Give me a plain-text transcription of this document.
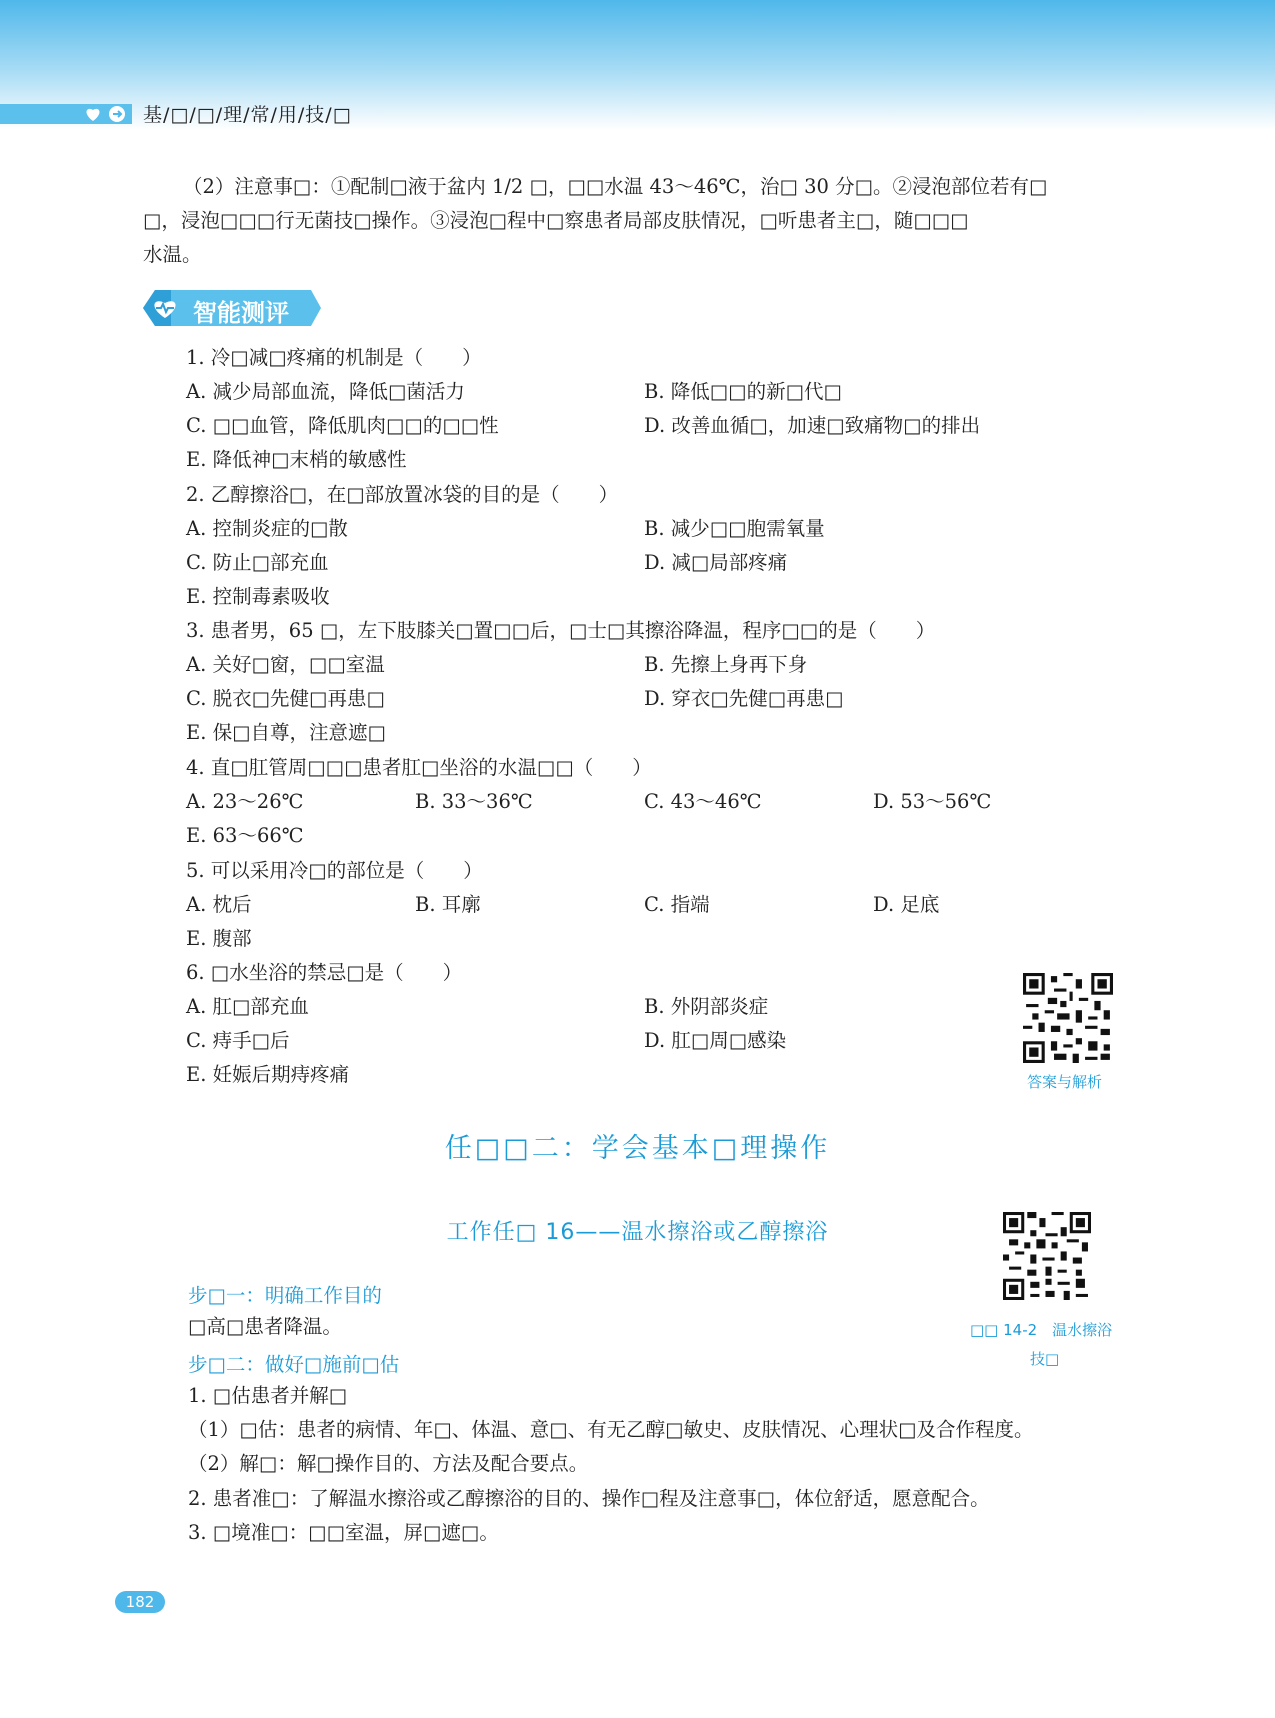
基/□/□/理/常/用/技/□
（2）注意事□：①配制□液于盆内 1/2 □，□□水温 43～46℃，治□ 30 分□。②浸泡部位若有□
□，浸泡□□□行无菌技□操作。③浸泡□程中□察患者局部皮肤情况，□听患者主□，随□□□
水温。
智能测评
1. 冷□减□疼痛的机制是（　　）
A. 减少局部血流，降低□菌活力	B. 降低□□的新□代□
C. □□血管，降低肌肉□□的□□性	D. 改善血循□，加速□致痛物□的排出
E. 降低神□末梢的敏感性
2. 乙醇擦浴□，在□部放置冰袋的目的是（　　）
A. 控制炎症的□散	B. 减少□□胞需氧量
C. 防止□部充血	D. 减□局部疼痛
E. 控制毒素吸收
3. 患者男，65 □，左下肢膝关□置□□后，□士□其擦浴降温，程序□□的是（　　）
A. 关好□窗，□□室温	B. 先擦上身再下身
C. 脱衣□先健□再患□	D. 穿衣□先健□再患□
E. 保□自尊，注意遮□
4. 直□肛管周□□□患者肛□坐浴的水温□□（　　）
A. 23～26℃	B. 33～36℃	C. 43～46℃	D. 53～56℃
E. 63～66℃
5. 可以采用冷□的部位是（　　）
A. 枕后	B. 耳廓	C. 指端	D. 足底
E. 腹部
6. □水坐浴的禁忌□是（　　）
A. 肛□部充血	B. 外阴部炎症
C. 痔手□后	D. 肛□周□感染
E. 妊娠后期痔疼痛	答案与解析
任□□二：学会基本□理操作
工作任□ 16——温水擦浴或乙醇擦浴
□□ 14-2　温水擦浴
技□
步□一：明确工作目的
□高□患者降温。
步□二：做好□施前□估
1. □估患者并解□
（1）□估：患者的病情、年□、体温、意□、有无乙醇□敏史、皮肤情况、心理状□及合作程度。
（2）解□：解□操作目的、方法及配合要点。
2. 患者准□：了解温水擦浴或乙醇擦浴的目的、操作□程及注意事□，体位舒适，愿意配合。
3. □境准□：□□室温，屏□遮□。
182
